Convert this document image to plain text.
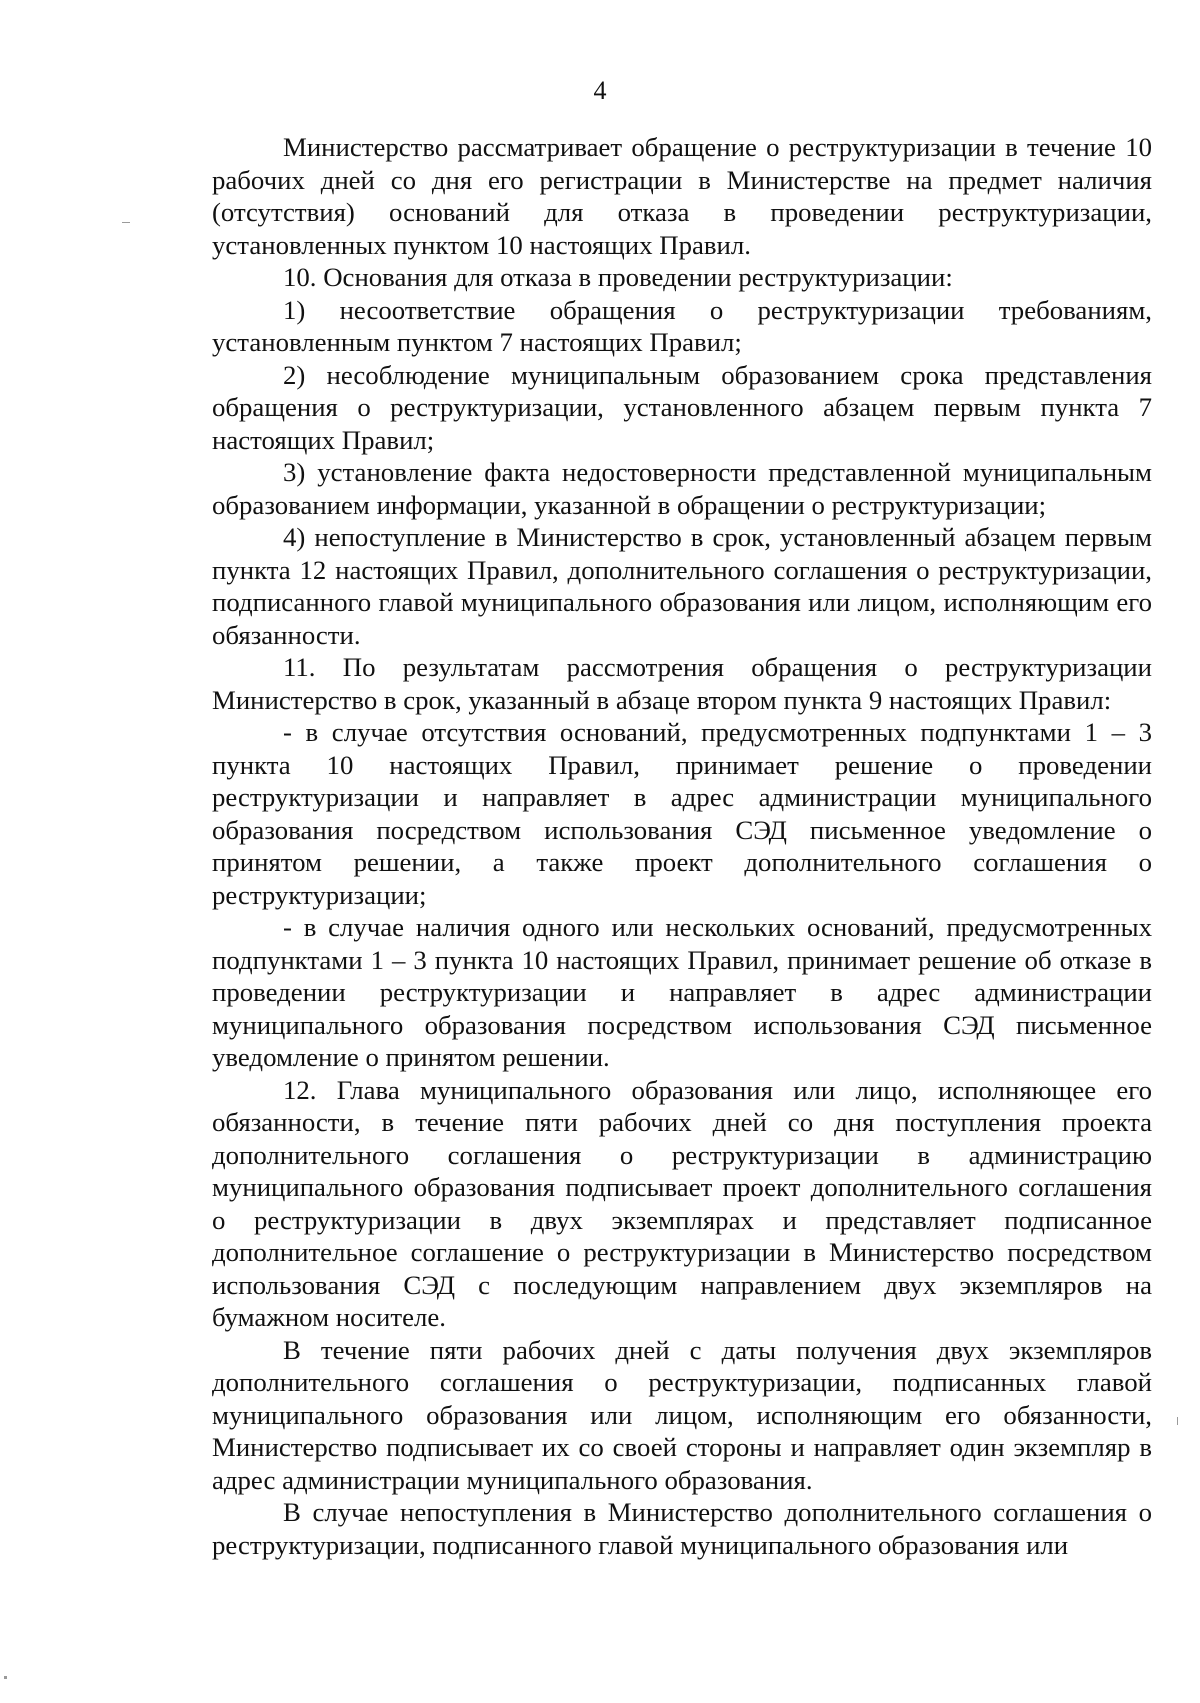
4

Министерство рассматривает обращение о реструктуризации в течение 10 рабочих дней со дня его регистрации в Министерстве на предмет наличия (отсутствия) оснований для отказа в проведении реструктуризации, установленных пунктом 10 настоящих Правил.

10. Основания для отказа в проведении реструктуризации:

1) несоответствие обращения о реструктуризации требованиям, установленным пунктом 7 настоящих Правил;

2) несоблюдение муниципальным образованием срока представления обращения о реструктуризации, установленного абзацем первым пункта 7 настоящих Правил;

3) установление факта недостоверности представленной муниципальным образованием информации, указанной в обращении о реструктуризации;

4) непоступление в Министерство в срок, установленный абзацем первым пункта 12 настоящих Правил, дополнительного соглашения о реструктуризации, подписанного главой муниципального образования или лицом, исполняющим его обязанности.

11. По результатам рассмотрения обращения о реструктуризации Министерство в срок, указанный в абзаце втором пункта 9 настоящих Правил:

- в случае отсутствия оснований, предусмотренных подпунктами 1 – 3 пункта 10 настоящих Правил, принимает решение о проведении реструктуризации и направляет в адрес администрации муниципального образования посредством использования СЭД письменное уведомление о принятом решении, а также проект дополнительного соглашения о реструктуризации;

- в случае наличия одного или нескольких оснований, предусмотренных подпунктами 1 – 3 пункта 10 настоящих Правил, принимает решение об отказе в проведении реструктуризации и направляет в адрес администрации муниципального образования посредством использования СЭД письменное уведомление о принятом решении.

12. Глава муниципального образования или лицо, исполняющее его обязанности, в течение пяти рабочих дней со дня поступления проекта дополнительного соглашения о реструктуризации в администрацию муниципального образования подписывает проект дополнительного соглашения о реструктуризации в двух экземплярах и представляет подписанное дополнительное соглашение о реструктуризации в Министерство посредством использования СЭД с последующим направлением двух экземпляров на бумажном носителе.

В течение пяти рабочих дней с даты получения двух экземпляров дополнительного соглашения о реструктуризации, подписанных главой муниципального образования или лицом, исполняющим его обязанности, Министерство подписывает их со своей стороны и направляет один экземпляр в адрес администрации муниципального образования.

В случае непоступления в Министерство дополнительного соглашения о реструктуризации, подписанного главой муниципального образования или
